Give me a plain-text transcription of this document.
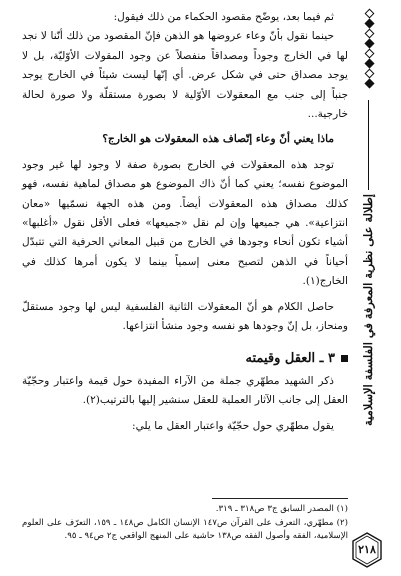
ثم فيما بعد، يوضّح مقصود الحكماء من ذلك فيقول:

حينما نقول بأنّ وعاء عروضها هو الذهن فإنّ المقصود من ذلك أنّنا لا نجد لها في الخارج وجوداً ومصداقاً منفصلاً عن وجود المقولات الأوّليّة، بل لا يوجد مصداق حتى في شكل عرض. أي إنّها ليست شيئاً في الخارج يوجد جنباً إلى جنب مع المعقولات الأوّلية لا بصورة مستقلّة ولا صورة لحالة خارجية...

ماذا يعني أنّ وعاء إتّصاف هذه المعقولات هو الخارج؟

توجد هذه المعقولات في الخارج بصورة صفة لا وجود لها غير وجود الموضوع نفسه؛ يعني كما أنّ ذاك الموضوع هو مصداق لماهية نفسه، فهو كذلك مصداق هذه المعقولات أيضاً. ومن هذه الجهة نسمّيها «معان انتزاعية». هي جميعها وإن لم نقل «جميعها» فعلى الأقل نقول «أغلبها» أشياء تكون أنحاء وجودها في الخارج من قبيل المعاني الحرفية التي تتبدّل أحياناً في الذهن لتصبح معنى إسمياً بينما لا يكون أمرها كذلك في الخارج(١).

حاصل الكلام هو أنّ المعقولات الثانية الفلسفية ليس لها وجود مستقلّ ومنحاز، بل إنّ وجودها هو نفسه وجود منشأ انتزاعها.

٣ ـ العقل وقيمته

ذكر الشهيد مطهّري جملة من الآراء المفيدة حول قيمة واعتبار وحجّيّة العقل إلى جانب الآثار العملية للعقل سنشير إليها بالترتيب(٢).

يقول مطهّري حول حجّيّة واعتبار العقل ما يلي:

(١) المصدر السابق ج٣ ص٣١٨ ـ ٣١٩.

(٢) مطهّري، التعرف على القرآن ص١٤٧ الإنسان الكامل ص١٤٨ ـ ١٥٩، التعرّف على العلوم الإسلامية، الفقه وأصول الفقه ص١٣٨ حاشية على المنهج الواقعي ج٢ ص٩٤ ـ ٩٥.

إطلالة على نظرية المعرفة في الفلسفة الإسلامية
٢١٨
